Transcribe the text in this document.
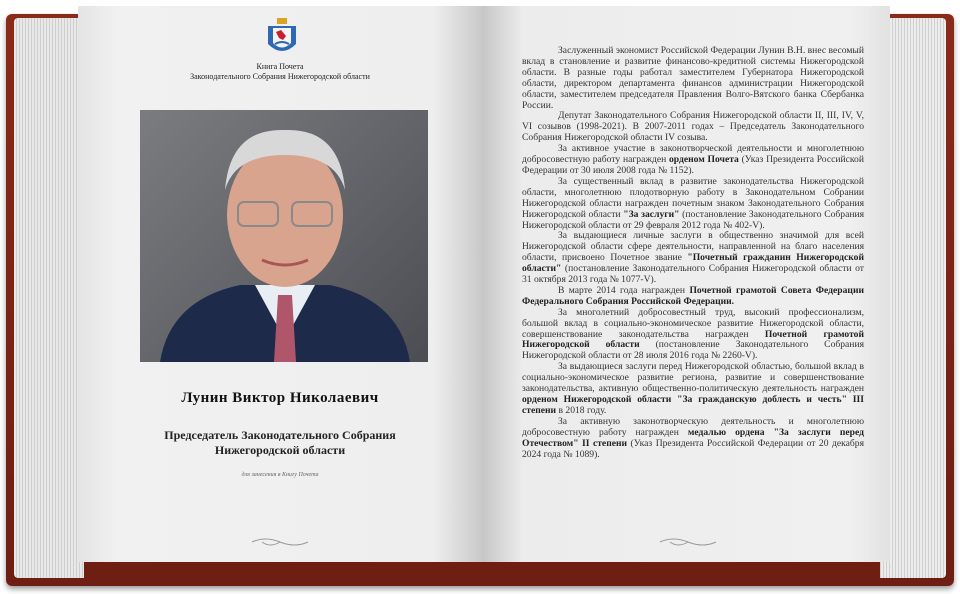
Книга Почета
Законодательного Собрания Нижегородской области
Лунин Виктор Николаевич
Председатель Законодательного Собрания
Нижегородской области
для занесения в Книгу Почета

Заслуженный экономист Российской Федерации Лунин В.Н. внес весомый вклад в становление и развитие финансово-кредитной системы Нижегородской области. В разные годы работал заместителем Губернатора Нижегородской области, директором департамента финансов администрации Нижегородской области, заместителем председателя Правления Волго-Вятского банка Сбербанка России.

Депутат Законодательного Собрания Нижегородской области II, III, IV, V, VI созывов (1998-2021). В 2007-2011 годах – Председатель Законодательного Собрания Нижегородской области IV созыва.

За активное участие в законотворческой деятельности и многолетнюю добросовестную работу награжден орденом Почета (Указ Президента Российской Федерации от 30 июля 2008 года № 1152).

За существенный вклад в развитие законодательства Нижегородской области, многолетнюю плодотворную работу в Законодательном Собрании Нижегородской области награжден почетным знаком Законодательного Собрания Нижегородской области "За заслуги" (постановление Законодательного Собрания Нижегородской области от 29 февраля 2012 года № 402-V).

За выдающиеся личные заслуги в общественно значимой для всей Нижегородской области сфере деятельности, направленной на благо населения области, присвоено Почетное звание "Почетный гражданин Нижегородской области" (постановление Законодательного Собрания Нижегородской области от 31 октября 2013 года № 1077-V).

В марте 2014 года награжден Почетной грамотой Совета Федерации Федерального Собрания Российской Федерации.

За многолетний добросовестный труд, высокий профессионализм, большой вклад в социально-экономическое развитие Нижегородской области, совершенствование законодательства награжден Почетной грамотой Нижегородской области (постановление Законодательного Собрания Нижегородской области от 28 июля 2016 года № 2260-V).

За выдающиеся заслуги перед Нижегородской областью, большой вклад в социально-экономическое развитие региона, развитие и совершенствование законодательства, активную общественно-политическую деятельность награжден орденом Нижегородской области "За гражданскую доблесть и честь" III степени в 2018 году.

За активную законотворческую деятельность и многолетнюю добросовестную работу награжден медалью ордена "За заслуги перед Отечеством" II степени (Указ Президента Российской Федерации от 20 декабря 2024 года № 1089).
